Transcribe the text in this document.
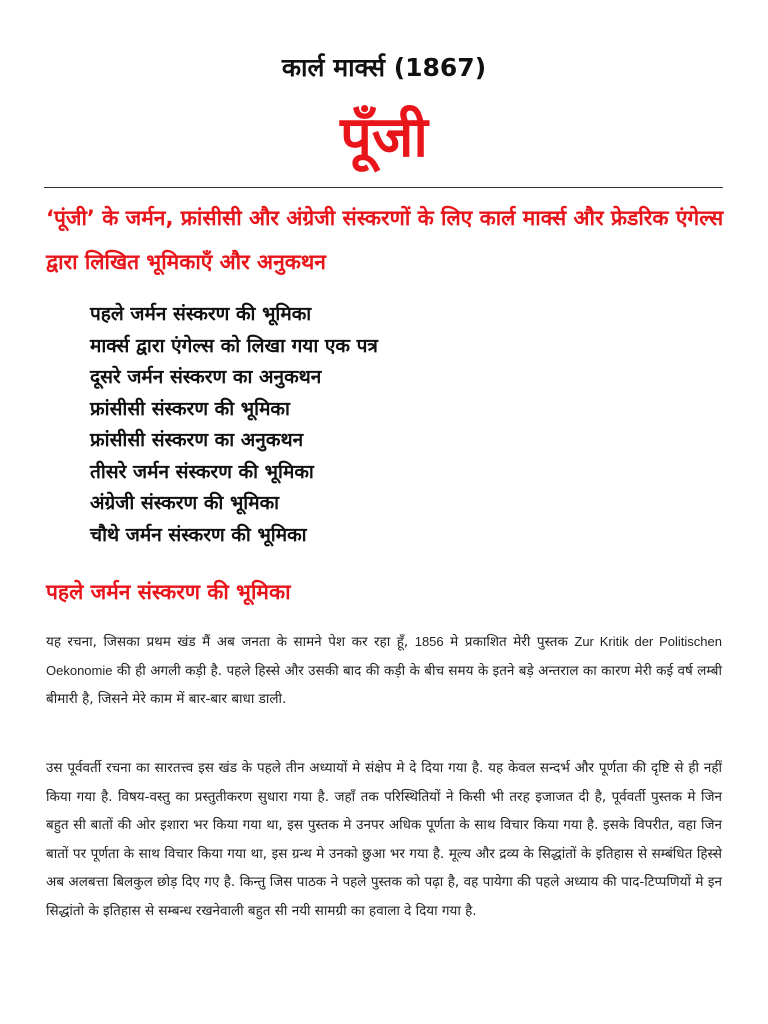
कार्ल मार्क्स (1867)
पूँजी
‘पूंजी’ के जर्मन, फ्रांसीसी और अंग्रेजी संस्करणों के लिए कार्ल मार्क्स और फ्रेडरिक एंगेल्स द्वारा लिखित भूमिकाएँ और अनुकथन
पहले जर्मन संस्करण की भूमिका
मार्क्स द्वारा एंगेल्स को लिखा गया एक पत्र
दूसरे जर्मन संस्करण का अनुकथन
फ्रांसीसी संस्करण की भूमिका
फ्रांसीसी संस्करण का अनुकथन
तीसरे जर्मन संस्करण की भूमिका
अंग्रेजी संस्करण की भूमिका
चौथे जर्मन संस्करण की भूमिका
पहले जर्मन संस्करण की भूमिका

यह रचना, जिसका प्रथम खंड मैं अब जनता के सामने पेश कर रहा हूँ, 1856 मे प्रकाशित मेरी पुस्तक Zur Kritik der Politischen Oekonomie की ही अगली कड़ी है. पहले हिस्से और उसकी बाद की कड़ी के बीच समय के इतने बड़े अन्तराल का कारण मेरी कई वर्ष लम्बी बीमारी है, जिसने मेरे काम में बार-बार बाधा डाली.

उस पूर्ववर्ती रचना का सारतत्त्व इस खंड के पहले तीन अध्यायों मे संक्षेप मे दे दिया गया है. यह केवल सन्दर्भ और पूर्णता की दृष्टि से ही नहीं किया गया है. विषय-वस्तु का प्रस्तुतीकरण सुधारा गया है. जहाँ तक परिस्थितियों ने किसी भी तरह इजाजत दी है, पूर्ववर्ती पुस्तक मे जिन बहुत सी बातों की ओर इशारा भर किया गया था, इस पुस्तक मे उनपर अधिक पूर्णता के साथ विचार किया गया है. इसके विपरीत, वहा जिन बातों पर पूर्णता के साथ विचार किया गया था, इस ग्रन्थ मे उनको छुआ भर गया है. मूल्य और द्रव्य के सिद्धांतों के इतिहास से सम्बंधित हिस्से अब अलबत्ता बिलकुल छोड़ दिए गए है. किन्तु जिस पाठक ने पहले पुस्तक को पढ़ा है, वह पायेगा की पहले अध्याय की पाद-टिप्पणियों मे इन सिद्धांतो के इतिहास से सम्बन्ध रखनेवाली बहुत सी नयी सामग्री का हवाला दे दिया गया है.
